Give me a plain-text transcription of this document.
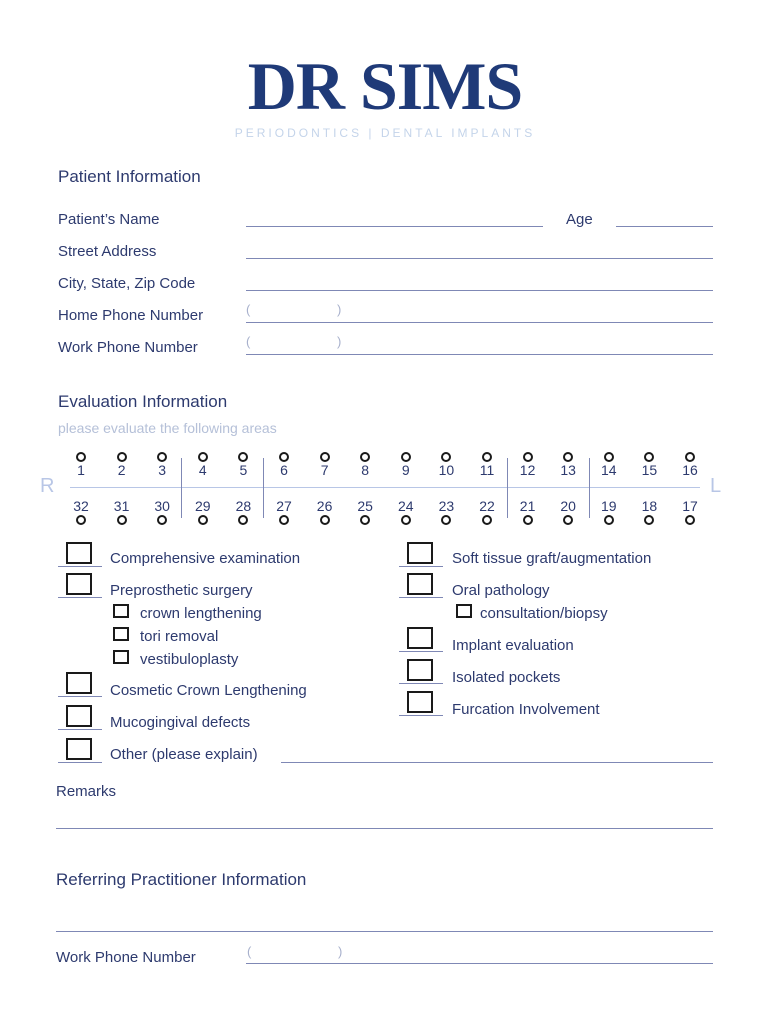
DR SIMS
PERIODONTICS | DENTAL IMPLANTS
Patient Information
Patient’s Name	Age
Street Address
City, State, Zip Code
Home Phone Number	(	)
Work Phone Number	(	)
Evaluation Information
please evaluate the following areas
R	L
1	2	3	4	5	6	7	8	9	10	11	12	13	14	15	16
32	31	30	29	28	27	26	25	24	23	22	21	20	19	18	17
Comprehensive examination
Preprosthetic surgery
crown lengthening
tori removal
vestibuloplasty
Cosmetic Crown Lengthening
Mucogingival defects
Other (please explain)
Soft tissue graft/augmentation
Oral pathology
consultation/biopsy
Implant evaluation
Isolated pockets
Furcation Involvement
Remarks
Referring Practitioner Information
Work Phone Number	(	)
